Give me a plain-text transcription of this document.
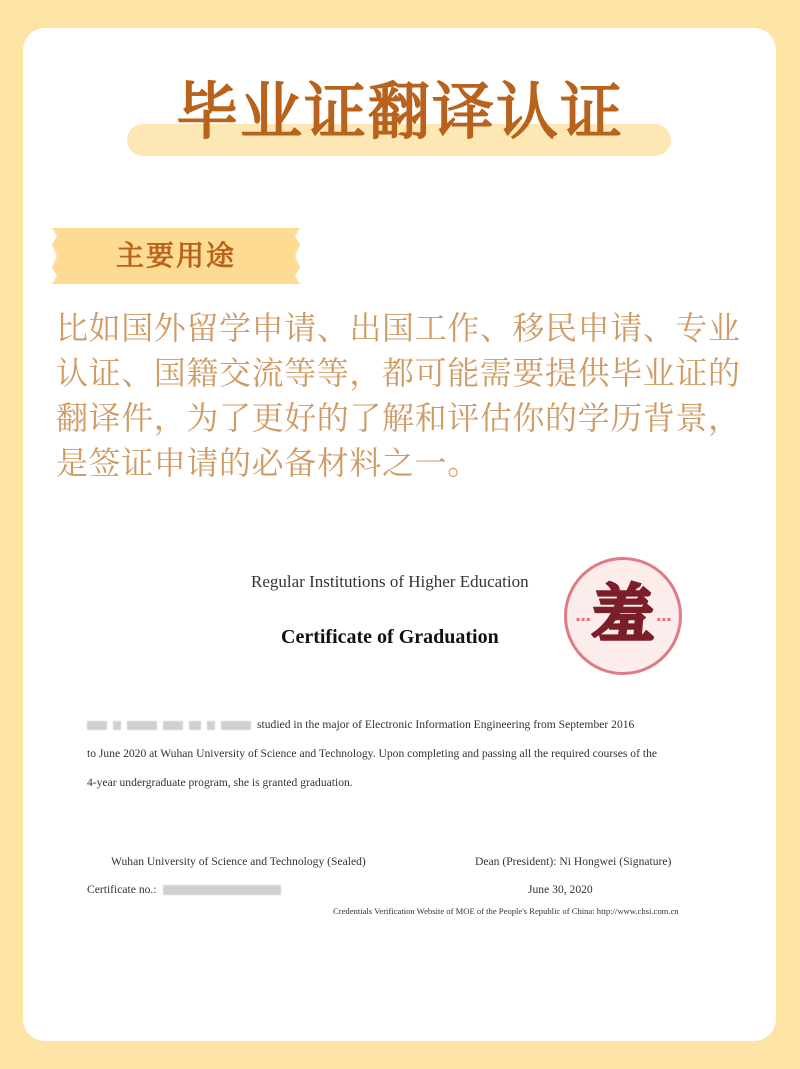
毕业证翻译认证
主要用途
比如国外留学申请、出国工作、移民申请、专业认证、国籍交流等等，都可能需要提供毕业证的翻译件，为了更好的了解和评估你的学历背景，是签证申请的必备材料之一。
Regular Institutions of Higher Education
Certificate of Graduation
studied in the major of Electronic Information Engineering from September 2016
to June 2020 at Wuhan University of Science and Technology. Upon completing and passing all the required courses of the
4-year undergraduate program, she is granted graduation.
Wuhan University of Science and Technology (Sealed)	Dean (President): Ni Hongwei (Signature)
Certificate no.:	June 30, 2020
Credentials Verification Website of MOE of the People's Republic of China: http://www.chsi.com.cn
··· 羞 ···
